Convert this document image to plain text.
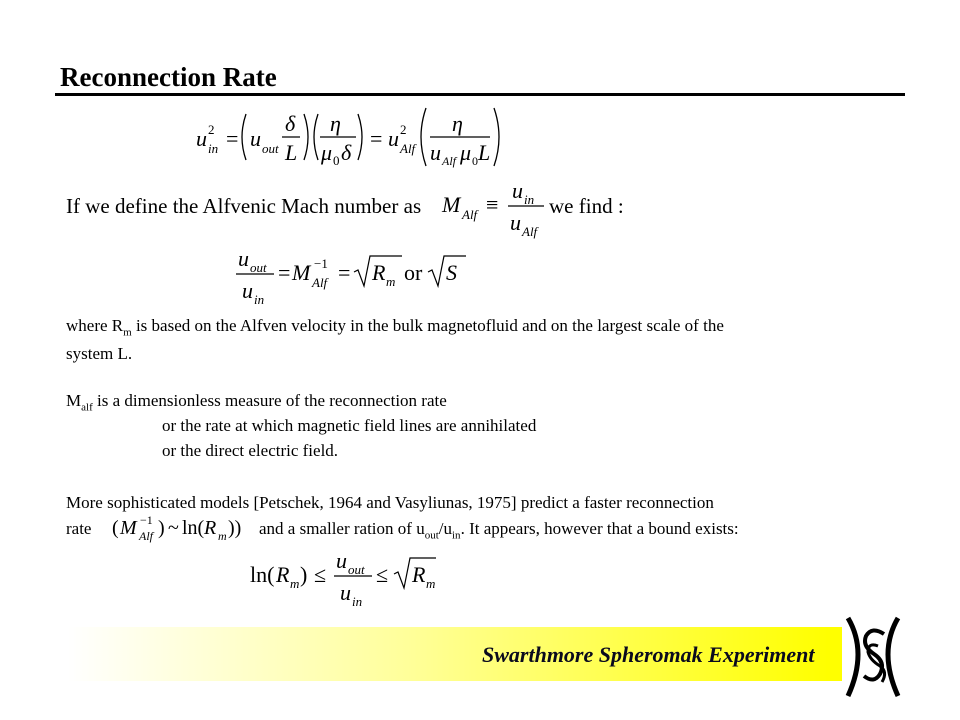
Reconnection Rate
u 2
in = u out
δ
L
η
μ 0 δ
= u 2
Alf
η
u Alf μ 0 L
If we define the Alfvenic Mach number as M Alf ≡
u in
u Alf
we find :
u out
u in
= M −1
Alf = R m or S
where $R_m$ is based on the Alfven velocity in the bulk magnetofluid and on the largest scale of the
system L.
$M_{alf}$ is a dimensionless measure of the reconnection rate
or the rate at which magnetic field lines are annihilated
or the direct electric field.
More sophisticated models [Petschek, 1964 and Vasyliunas, 1975] predict a faster reconnection
rate ( M −1
Alf ) ~ ln( R m )) and a smaller ration of $u_{out}/u_{in}$. It appears, however that a bound exists:
ln( R m ) ≤
u out
u in
≤ R m
Swarthmore Spheromak Experiment
